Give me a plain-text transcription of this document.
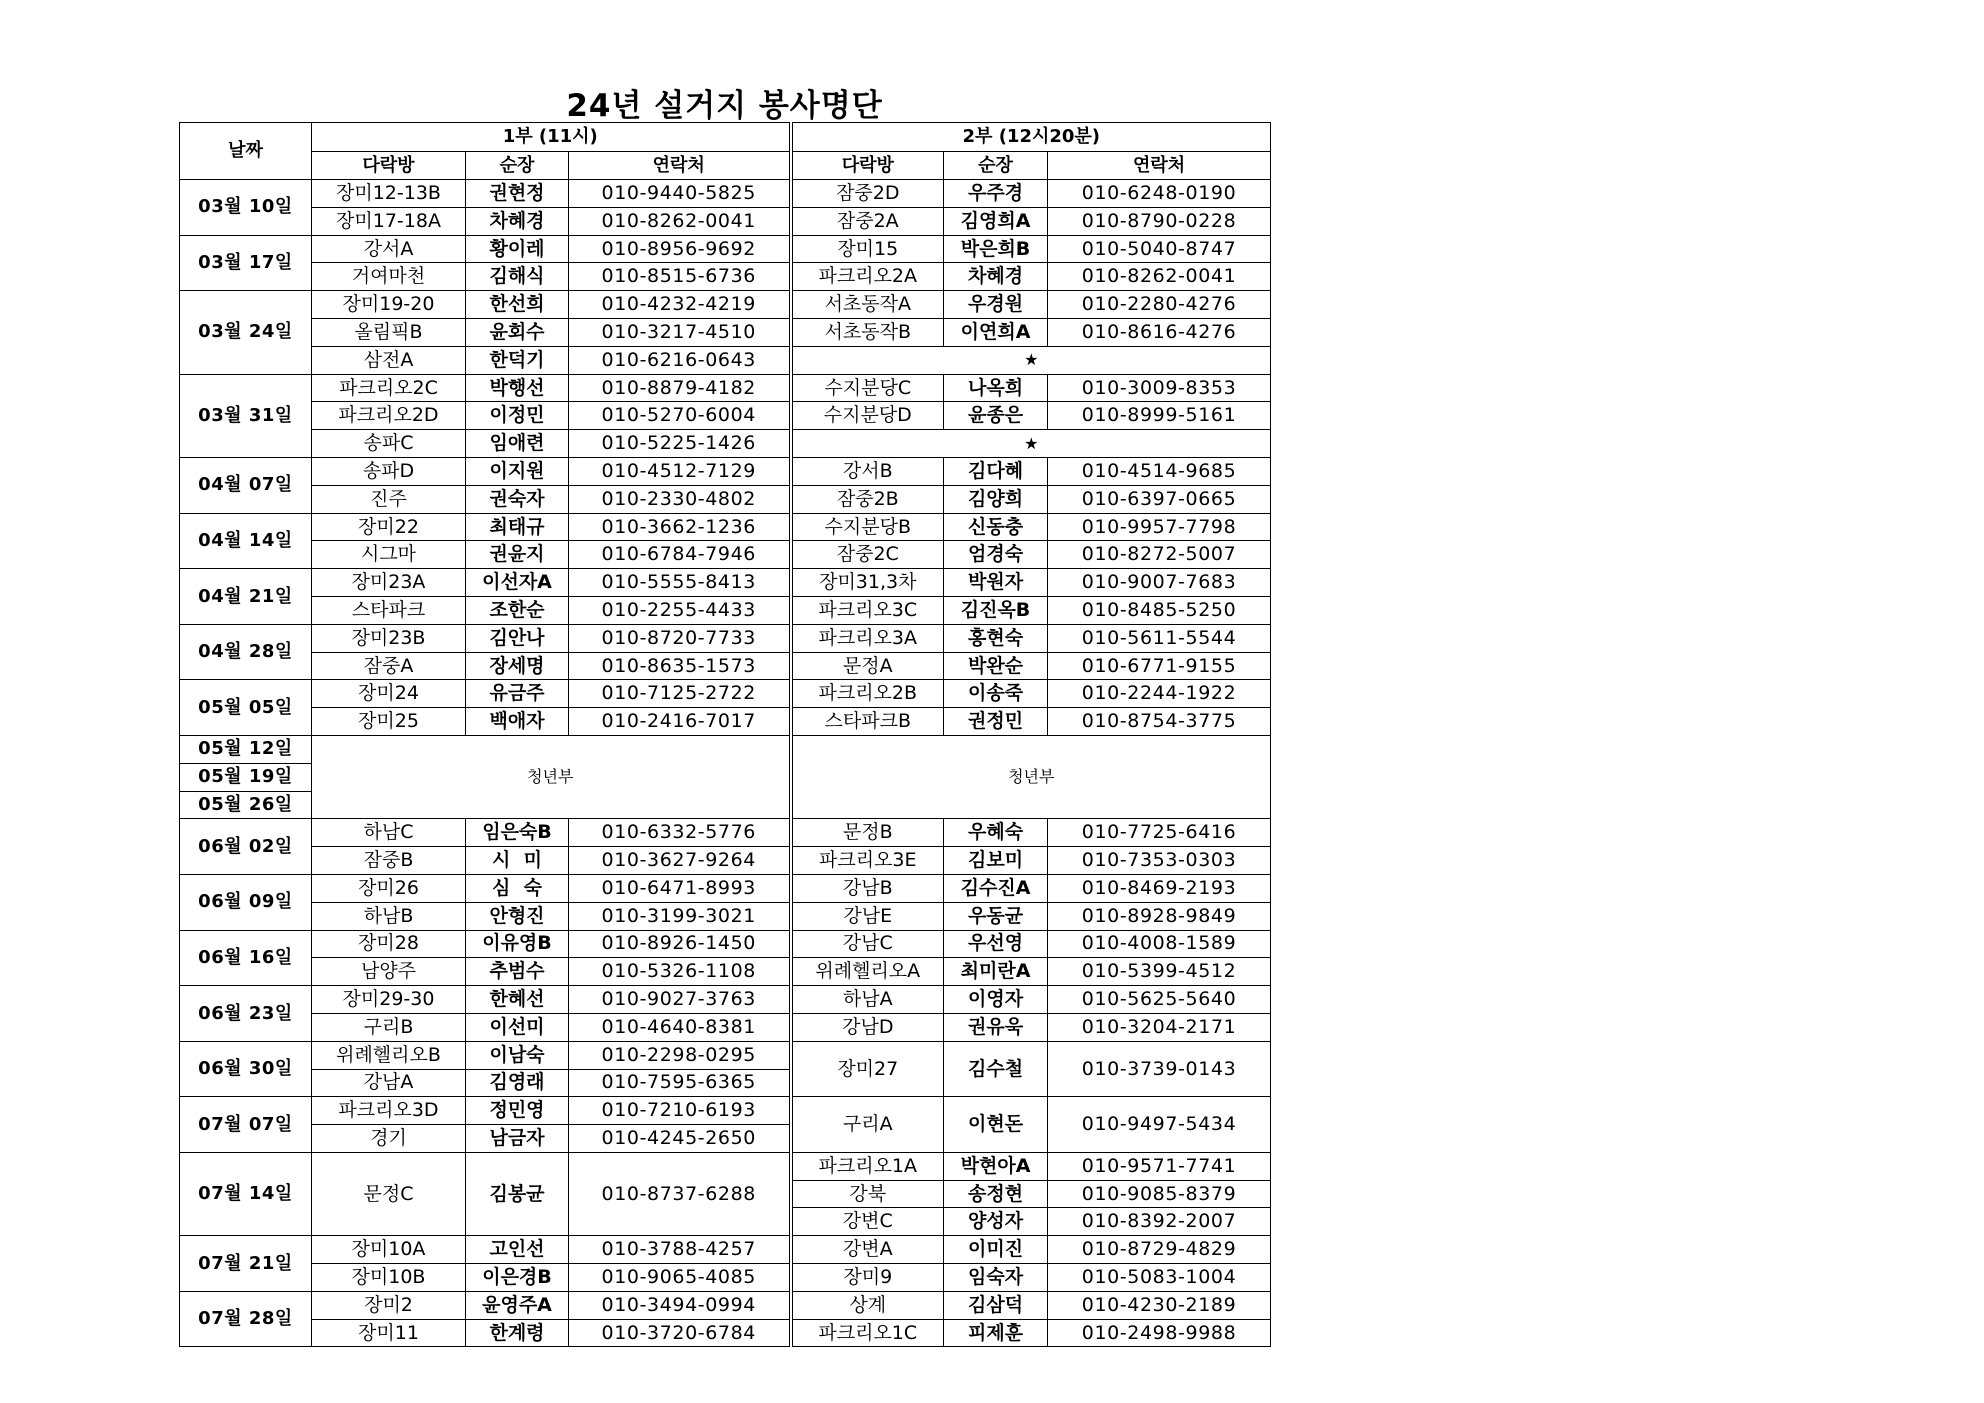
24년 설거지 봉사명단
날짜	1부 (11시)			2부 (12시20분)		
	다락방	순장	연락처	다락방	순장	연락처
03월 10일	장미12-13B	권현정	010-9440-5825	잠중2D	우주경	010-6248-0190
	장미17-18A	차혜경	010-8262-0041	잠중2A	김영희A	010-8790-0228
03월 17일	강서A	황이레	010-8956-9692	장미15	박은희B	010-5040-8747
	거여마천	김해식	010-8515-6736	파크리오2A	차혜경	010-8262-0041
03월 24일	장미19-20	한선희	010-4232-4219	서초동작A	우경원	010-2280-4276
	올림픽B	윤회수	010-3217-4510	서초동작B	이연희A	010-8616-4276
	삼전A	한덕기	010-6216-0643	★		
03월 31일	파크리오2C	박행선	010-8879-4182	수지분당C	나옥희	010-3009-8353
	파크리오2D	이정민	010-5270-6004	수지분당D	윤종은	010-8999-5161
	송파C	임애련	010-5225-1426	★		
04월 07일	송파D	이지원	010-4512-7129	강서B	김다혜	010-4514-9685
	진주	권숙자	010-2330-4802	잠중2B	김양희	010-6397-0665
04월 14일	장미22	최태규	010-3662-1236	수지분당B	신동충	010-9957-7798
	시그마	권윤지	010-6784-7946	잠중2C	엄경숙	010-8272-5007
04월 21일	장미23A	이선자A	010-5555-8413	장미31,3차	박원자	010-9007-7683
	스타파크	조한순	010-2255-4433	파크리오3C	김진옥B	010-8485-5250
04월 28일	장미23B	김안나	010-8720-7733	파크리오3A	홍현숙	010-5611-5544
	잠중A	장세명	010-8635-1573	문정A	박완순	010-6771-9155
05월 05일	장미24	유금주	010-7125-2722	파크리오2B	이송죽	010-2244-1922
	장미25	백애자	010-2416-7017	스타파크B	권정민	010-8754-3775
05월 12일	청년부			청년부		
05월 19일						
05월 26일						
06월 02일	하남C	임은숙B	010-6332-5776	문정B	우혜숙	010-7725-6416
	잠중B	시  미	010-3627-9264	파크리오3E	김보미	010-7353-0303
06월 09일	장미26	심  숙	010-6471-8993	강남B	김수진A	010-8469-2193
	하남B	안형진	010-3199-3021	강남E	우동균	010-8928-9849
06월 16일	장미28	이유영B	010-8926-1450	강남C	우선영	010-4008-1589
	남양주	추범수	010-5326-1108	위례헬리오A	최미란A	010-5399-4512
06월 23일	장미29-30	한혜선	010-9027-3763	하남A	이영자	010-5625-5640
	구리B	이선미	010-4640-8381	강남D	권유욱	010-3204-2171
06월 30일	위례헬리오B	이남숙	010-2298-0295	장미27	김수철	010-3739-0143
	강남A	김영래	010-7595-6365			
07월 07일	파크리오3D	정민영	010-7210-6193	구리A	이현돈	010-9497-5434
	경기	남금자	010-4245-2650			
07월 14일	문정C	김봉균	010-8737-6288	파크리오1A	박현아A	010-9571-7741
				강북	송정현	010-9085-8379
				강변C	양성자	010-8392-2007
07월 21일	장미10A	고인선	010-3788-4257	강변A	이미진	010-8729-4829
	장미10B	이은경B	010-9065-4085	장미9	임숙자	010-5083-1004
07월 28일	장미2	윤영주A	010-3494-0994	상계	김삼덕	010-4230-2189
	장미11	한계령	010-3720-6784	파크리오1C	피제훈	010-2498-9988
